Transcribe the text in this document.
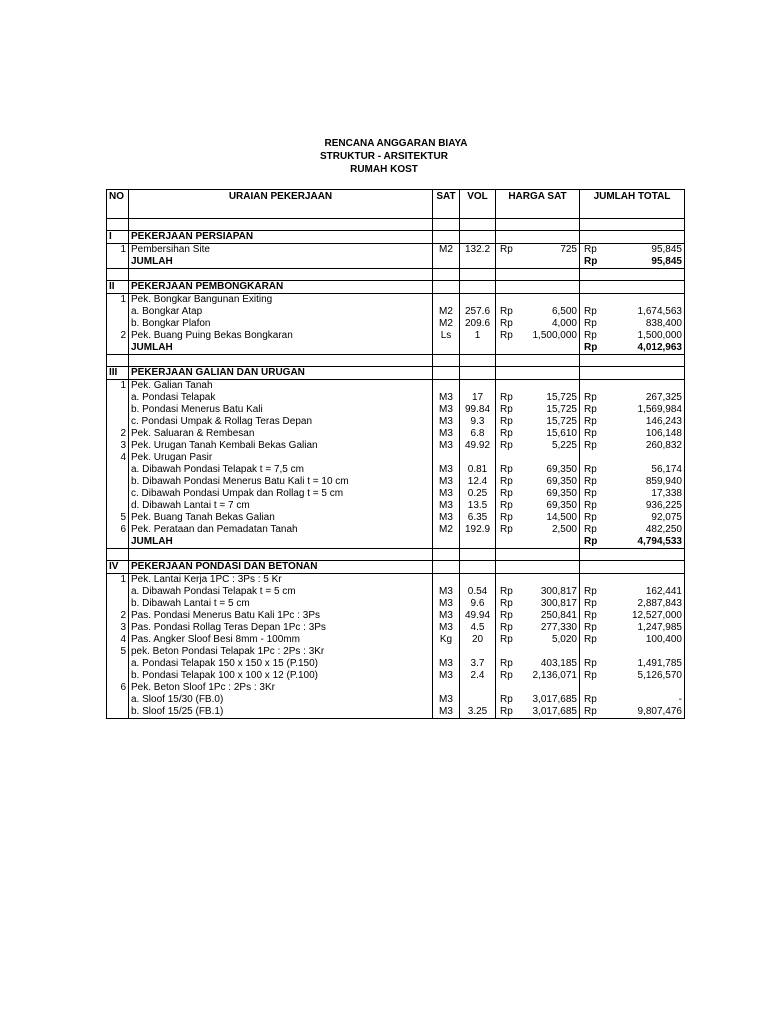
RENCANA ANGGARAN BIAYA
STRUKTUR - ARSITEKTUR
RUMAH KOST
NO	URAIAN PEKERJAAN	SAT	VOL	HARGA SAT	JUMLAH TOTAL

I	PEKERJAAN PERSIAPAN				
1	Pembersihan Site	M2	132.2	Rp 725	Rp 95,845

	JUMLAH				Rp 95,845

II	PEKERJAAN PEMBONGKARAN				
1	Pek. Bongkar Bangunan Exiting				
	a. Bongkar Atap	M2	257.6	Rp 6,500	Rp 1,674,563

	b. Bongkar Plafon	M2	209.6	Rp 4,000	Rp 838,400

2	Pek. Buang Puing Bekas Bongkaran	Ls	1	Rp 1,500,000	Rp 1,500,000

	JUMLAH				Rp 4,012,963

III	PEKERJAAN GALIAN DAN URUGAN				
1	Pek. Galian Tanah				
	a. Pondasi Telapak	M3	17	Rp 15,725	Rp 267,325

	b. Pondasi Menerus Batu Kali	M3	99.84	Rp 15,725	Rp 1,569,984

	c. Pondasi Umpak & Rollag Teras Depan	M3	9.3	Rp 15,725	Rp 146,243

2	Pek. Saluaran & Rembesan	M3	6.8	Rp 15,610	Rp 106,148

3	Pek. Urugan Tanah Kembali Bekas Galian	M3	49.92	Rp 5,225	Rp 260,832

4	Pek. Urugan Pasir				
	a. Dibawah Pondasi Telapak t = 7,5 cm	M3	0.81	Rp 69,350	Rp 56,174

	b. Dibawah Pondasi Menerus Batu Kali t = 10 cm	M3	12.4	Rp 69,350	Rp 859,940

	c. Dibawah Pondasi Umpak dan Rollag t = 5 cm	M3	0.25	Rp 69,350	Rp 17,338

	d. Dibawah Lantai t = 7 cm	M3	13.5	Rp 69,350	Rp 936,225

5	Pek. Buang Tanah Bekas Galian	M3	6.35	Rp 14,500	Rp 92,075

6	Pek. Perataan dan Pemadatan Tanah	M2	192.9	Rp 2,500	Rp 482,250

	JUMLAH				Rp 4,794,533

IV	PEKERJAAN PONDASI DAN BETONAN				
1	Pek. Lantai Kerja 1PC : 3Ps : 5 Kr				
	a. Dibawah Pondasi Telapak t = 5 cm	M3	0.54	Rp 300,817	Rp 162,441

	b. Dibawah Lantai t = 5 cm	M3	9.6	Rp 300,817	Rp 2,887,843

2	Pas. Pondasi Menerus Batu Kali 1Pc : 3Ps	M3	49.94	Rp 250,841	Rp 12,527,000

3	Pas. Pondasi Rollag Teras Depan 1Pc : 3Ps	M3	4.5	Rp 277,330	Rp 1,247,985

4	Pas. Angker Sloof Besi 8mm - 100mm	Kg	20	Rp 5,020	Rp 100,400

5	pek. Beton Pondasi Telapak 1Pc : 2Ps : 3Kr				
	a. Pondasi Telapak 150 x 150 x 15 (P.150)	M3	3.7	Rp 403,185	Rp 1,491,785

	b. Pondasi Telapak 100 x 100 x 12 (P.100)	M3	2.4	Rp 2,136,071	Rp 5,126,570

6	Pek. Beton Sloof 1Pc : 2Ps : 3Kr				
	a. Sloof 15/30 (FB.0)	M3		Rp 3,017,685	Rp -

	b. Sloof 15/25 (FB.1)	M3	3.25	Rp 3,017,685	Rp 9,807,476
